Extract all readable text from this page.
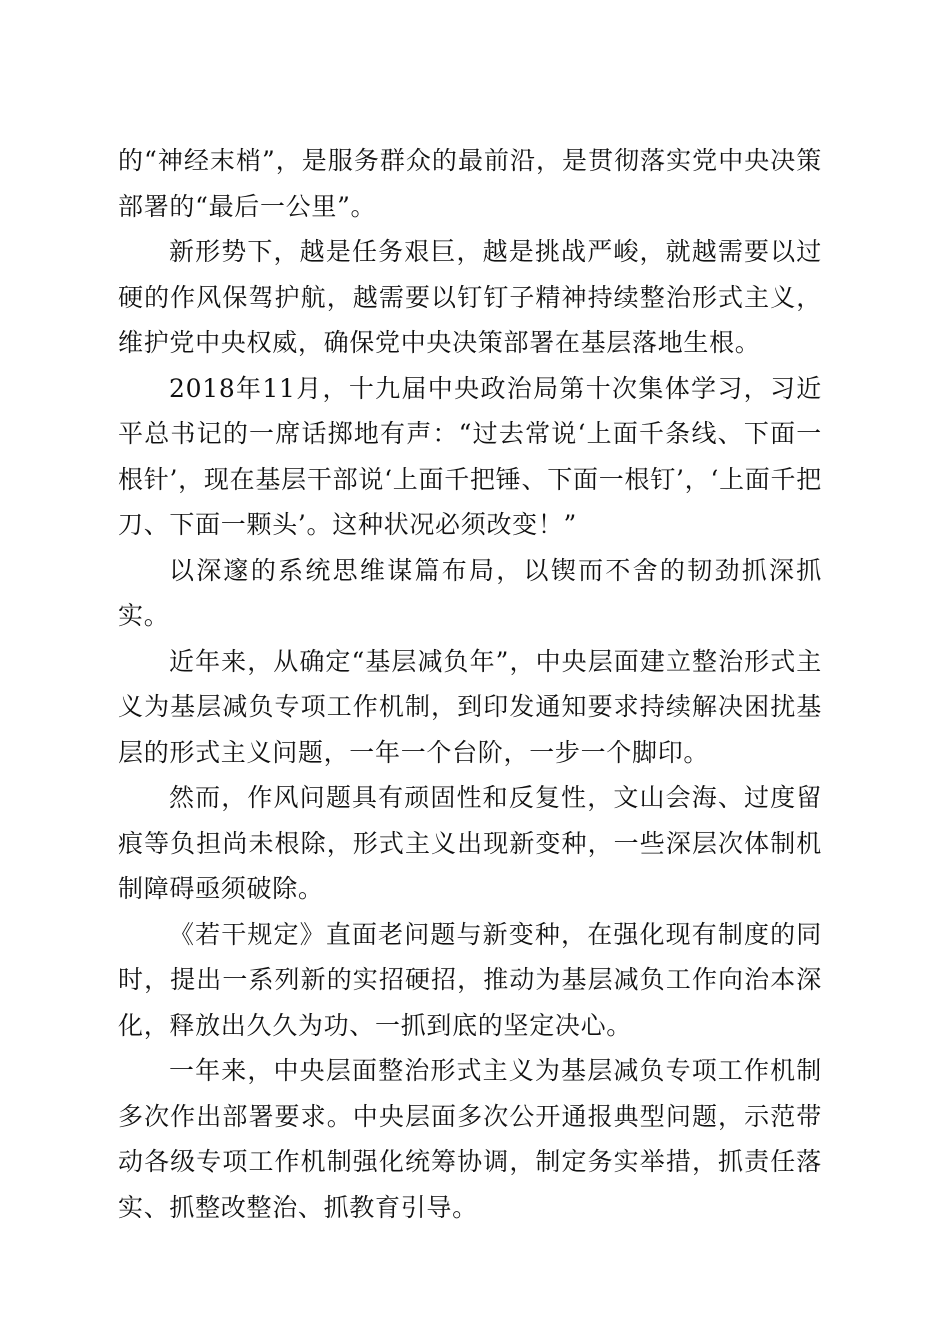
的“神经末梢”，是服务群众的最前沿，是贯彻落实党中央决策部署的“最后一公里”。

新形势下，越是任务艰巨，越是挑战严峻，就越需要以过硬的作风保驾护航，越需要以钉钉子精神持续整治形式主义，维护党中央权威，确保党中央决策部署在基层落地生根。

2018年11月，十九届中央政治局第十次集体学习，习近平总书记的一席话掷地有声：“过去常说‘上面千条线、下面一根针’，现在基层干部说‘上面千把锤、下面一根钉’，‘上面千把刀、下面一颗头’。这种状况必须改变！”

以深邃的系统思维谋篇布局，以锲而不舍的韧劲抓深抓实。

近年来，从确定“基层减负年”，中央层面建立整治形式主义为基层减负专项工作机制，到印发通知要求持续解决困扰基层的形式主义问题，一年一个台阶，一步一个脚印。

然而，作风问题具有顽固性和反复性，文山会海、过度留痕等负担尚未根除，形式主义出现新变种，一些深层次体制机制障碍亟须破除。

《若干规定》直面老问题与新变种，在强化现有制度的同时，提出一系列新的实招硬招，推动为基层减负工作向治本深化，释放出久久为功、一抓到底的坚定决心。

一年来，中央层面整治形式主义为基层减负专项工作机制多次作出部署要求。中央层面多次公开通报典型问题，示范带动各级专项工作机制强化统筹协调，制定务实举措，抓责任落实、抓整改整治、抓教育引导。
